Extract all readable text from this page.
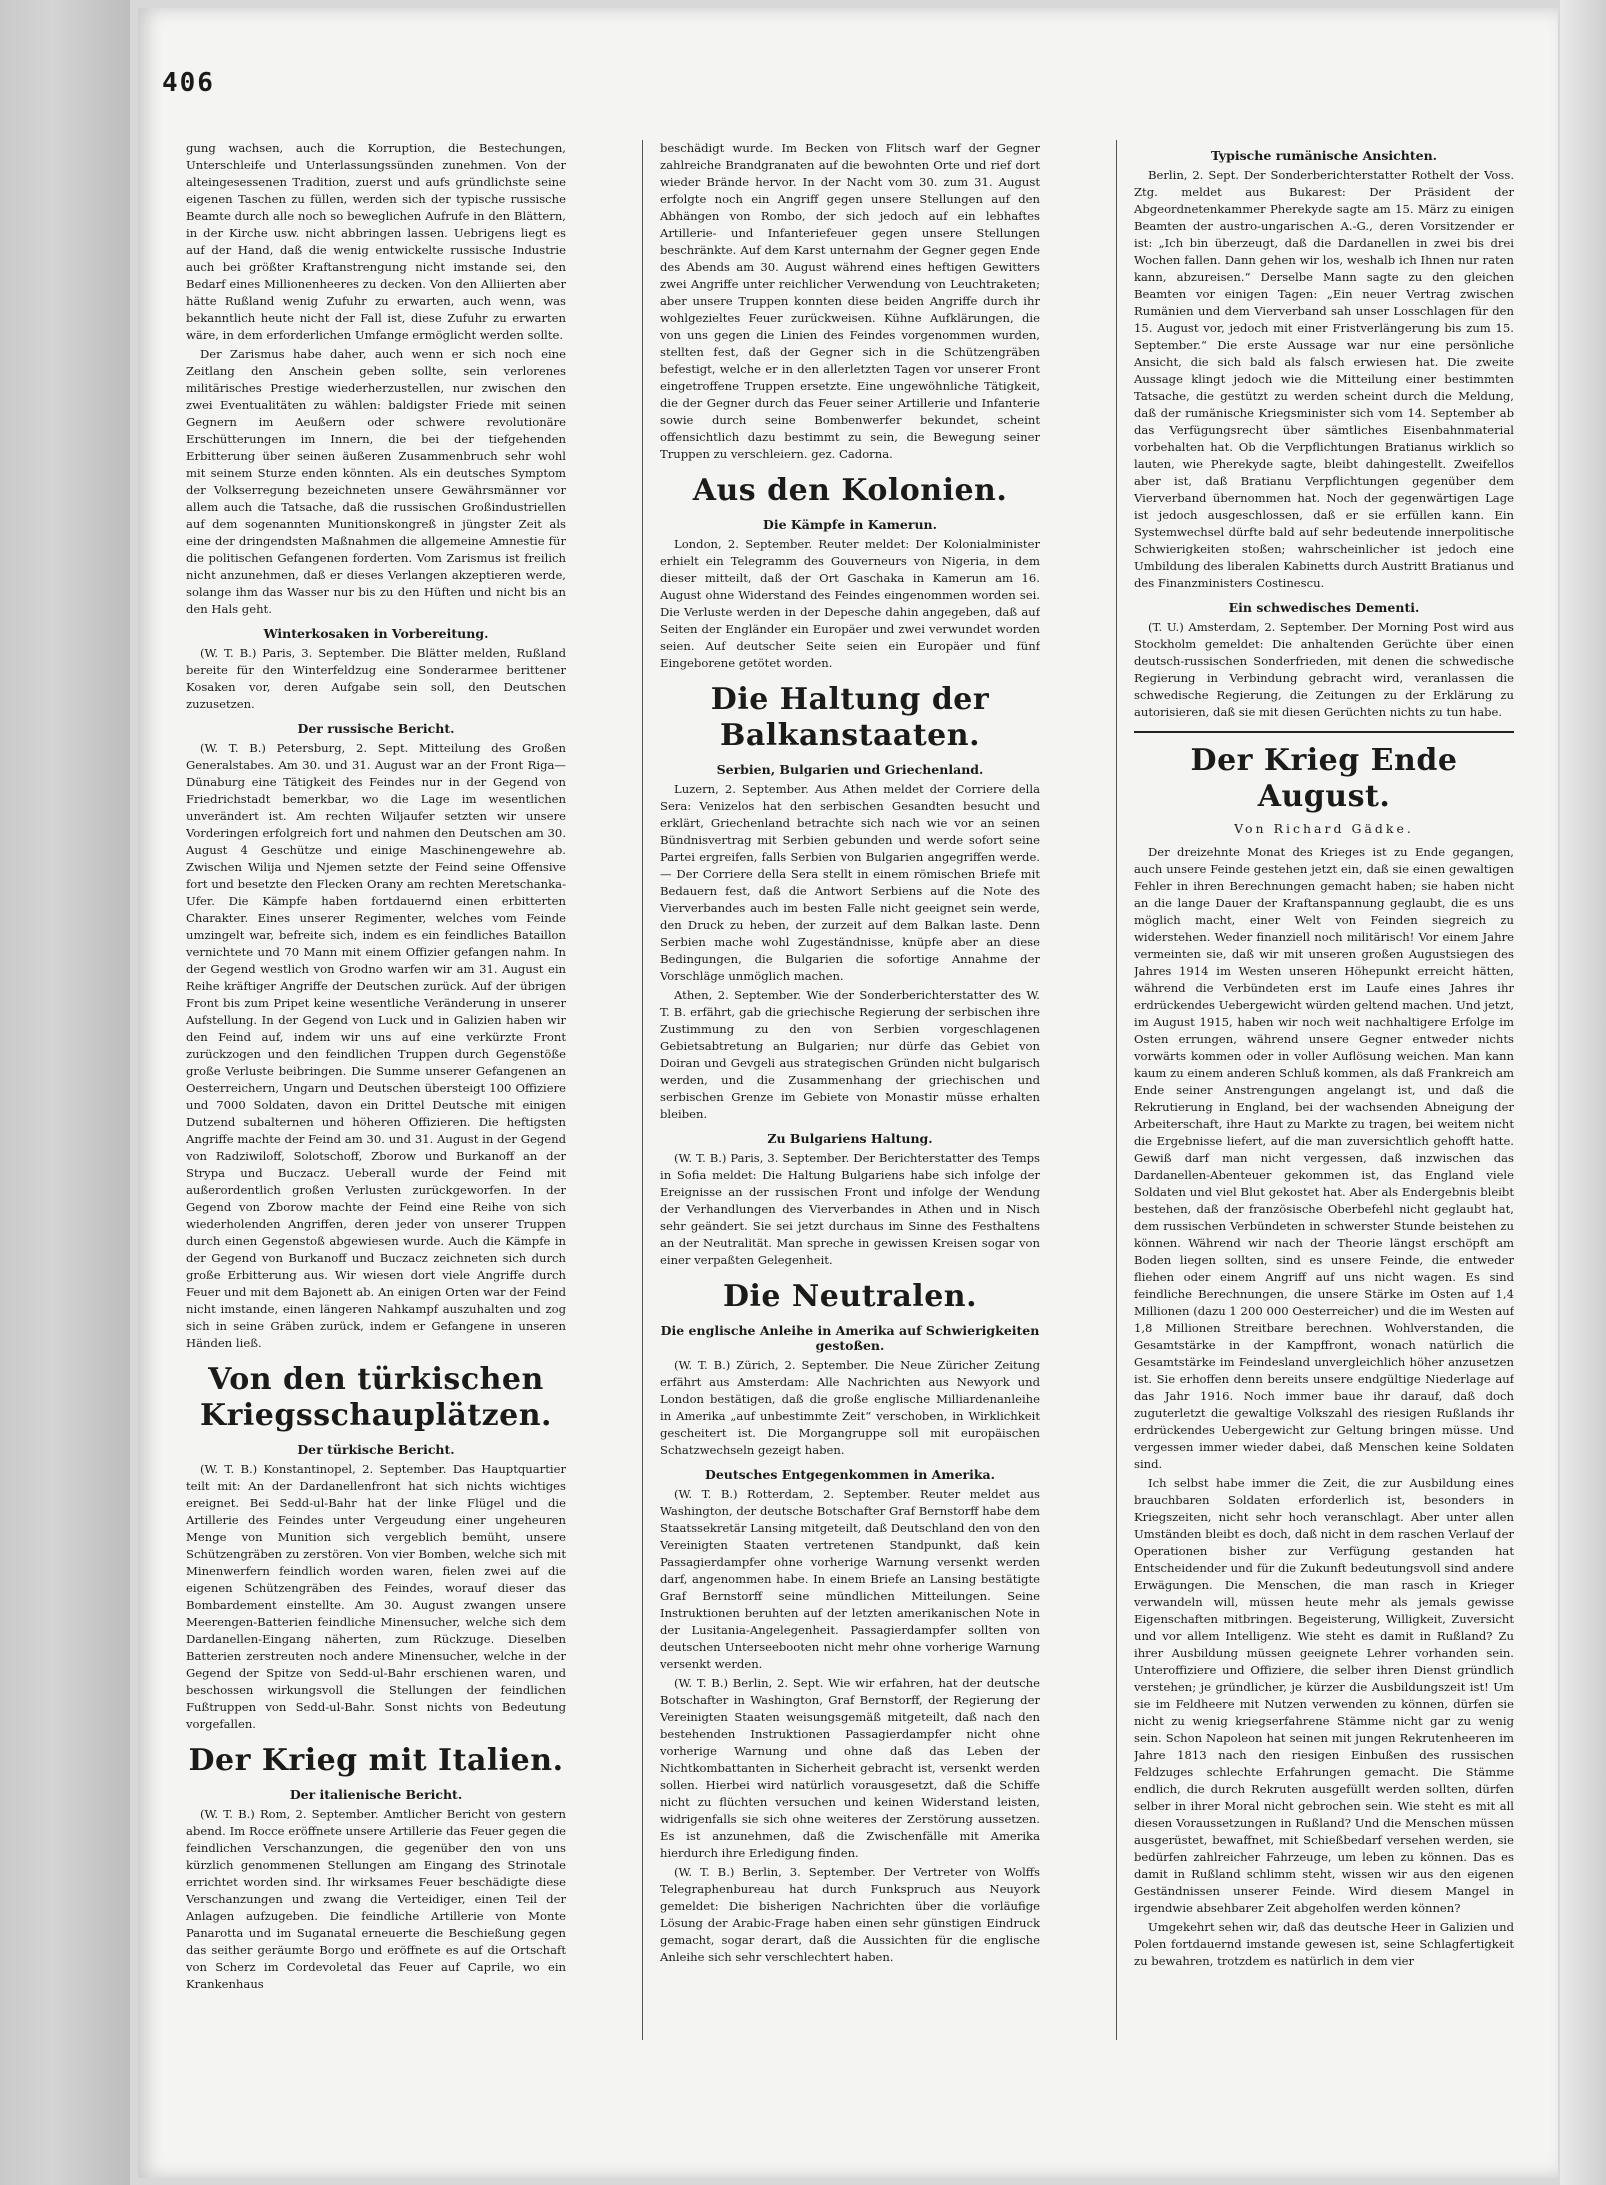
406

gung wachsen, auch die Korruption, die Bestechungen, Unterschleife und Unterlassungssünden zunehmen. Von der alteingesessenen Tradition, zuerst und aufs gründlichste seine eigenen Taschen zu füllen, werden sich der typische russische Beamte durch alle noch so beweglichen Aufrufe in den Blättern, in der Kirche usw. nicht abbringen lassen. Uebrigens liegt es auf der Hand, daß die wenig entwickelte russische Industrie auch bei größter Kraftanstrengung nicht imstande sei, den Bedarf eines Millionenheeres zu decken. Von den Alliierten aber hätte Rußland wenig Zufuhr zu erwarten, auch wenn, was bekanntlich heute nicht der Fall ist, diese Zufuhr zu erwarten wäre, in dem erforderlichen Umfange ermöglicht werden sollte.

Der Zarismus habe daher, auch wenn er sich noch eine Zeitlang den Anschein geben sollte, sein verlorenes militärisches Prestige wiederherzustellen, nur zwischen den zwei Eventualitäten zu wählen: baldigster Friede mit seinen Gegnern im Aeußern oder schwere revolutionäre Erschütterungen im Innern, die bei der tiefgehenden Erbitterung über seinen äußeren Zusammenbruch sehr wohl mit seinem Sturze enden könnten. Als ein deutsches Symptom der Volkserregung bezeichneten unsere Gewährsmänner vor allem auch die Tatsache, daß die russischen Großindustriellen auf dem sogenannten Munitionskongreß in jüngster Zeit als eine der dringendsten Maßnahmen die allgemeine Amnestie für die politischen Gefangenen forderten. Vom Zarismus ist freilich nicht anzunehmen, daß er dieses Verlangen akzeptieren werde, solange ihm das Wasser nur bis zu den Hüften und nicht bis an den Hals geht.

Winterkosaken in Vorbereitung.

(W. T. B.) Paris, 3. September. Die Blätter melden, Rußland bereite für den Winterfeldzug eine Sonderarmee berittener Kosaken vor, deren Aufgabe sein soll, den Deutschen zuzusetzen.

Der russische Bericht.

(W. T. B.) Petersburg, 2. Sept. Mitteilung des Großen Generalstabes. Am 30. und 31. August war an der Front Riga—Dünaburg eine Tätigkeit des Feindes nur in der Gegend von Friedrichstadt bemerkbar, wo die Lage im wesentlichen unverändert ist. Am rechten Wiljaufer setzten wir unsere Vorderingen erfolgreich fort und nahmen den Deutschen am 30. August 4 Geschütze und einige Maschinengewehre ab. Zwischen Wilija und Njemen setzte der Feind seine Offensive fort und besetzte den Flecken Orany am rechten Meretschanka-Ufer. Die Kämpfe haben fortdauernd einen erbitterten Charakter. Eines unserer Regimenter, welches vom Feinde umzingelt war, befreite sich, indem es ein feindliches Bataillon vernichtete und 70 Mann mit einem Offizier gefangen nahm. In der Gegend westlich von Grodno warfen wir am 31. August ein Reihe kräftiger Angriffe der Deutschen zurück. Auf der übrigen Front bis zum Pripet keine wesentliche Veränderung in unserer Aufstellung. In der Gegend von Luck und in Galizien haben wir den Feind auf, indem wir uns auf eine verkürzte Front zurückzogen und den feindlichen Truppen durch Gegenstöße große Verluste beibringen. Die Summe unserer Gefangenen an Oesterreichern, Ungarn und Deutschen übersteigt 100 Offiziere und 7000 Soldaten, davon ein Drittel Deutsche mit einigen Dutzend subalternen und höheren Offizieren. Die heftigsten Angriffe machte der Feind am 30. und 31. August in der Gegend von Radziwiloff, Solotschoff, Zborow und Burkanoff an der Strypa und Buczacz. Ueberall wurde der Feind mit außerordentlich großen Verlusten zurückgeworfen. In der Gegend von Zborow machte der Feind eine Reihe von sich wiederholenden Angriffen, deren jeder von unserer Truppen durch einen Gegenstoß abgewiesen wurde. Auch die Kämpfe in der Gegend von Burkanoff und Buczacz zeichneten sich durch große Erbitterung aus. Wir wiesen dort viele Angriffe durch Feuer und mit dem Bajonett ab. An einigen Orten war der Feind nicht imstande, einen längeren Nahkampf auszuhalten und zog sich in seine Gräben zurück, indem er Gefangene in unseren Händen ließ.

Von den türkischen Kriegsschauplätzen.
Der türkische Bericht.

(W. T. B.) Konstantinopel, 2. September. Das Hauptquartier teilt mit: An der Dardanellenfront hat sich nichts wichtiges ereignet. Bei Sedd-ul-Bahr hat der linke Flügel und die Artillerie des Feindes unter Vergeudung einer ungeheuren Menge von Munition sich vergeblich bemüht, unsere Schützengräben zu zerstören. Von vier Bomben, welche sich mit Minenwerfern feindlich worden waren, fielen zwei auf die eigenen Schützengräben des Feindes, worauf dieser das Bombardement einstellte. Am 30. August zwangen unsere Meerengen-Batterien feindliche Minensucher, welche sich dem Dardanellen-Eingang näherten, zum Rückzuge. Dieselben Batterien zerstreuten noch andere Minensucher, welche in der Gegend der Spitze von Sedd-ul-Bahr erschienen waren, und beschossen wirkungsvoll die Stellungen der feindlichen Fußtruppen von Sedd-ul-Bahr. Sonst nichts von Bedeutung vorgefallen.

Der Krieg mit Italien.
Der italienische Bericht.

(W. T. B.) Rom, 2. September. Amtlicher Bericht von gestern abend. Im Rocce eröffnete unsere Artillerie das Feuer gegen die feindlichen Verschanzungen, die gegenüber den von uns kürzlich genommenen Stellungen am Eingang des Strinotale errichtet worden sind. Ihr wirksames Feuer beschädigte diese Verschanzungen und zwang die Verteidiger, einen Teil der Anlagen aufzugeben. Die feindliche Artillerie von Monte Panarotta und im Suganatal erneuerte die Beschießung gegen das seither geräumte Borgo und eröffnete es auf die Ortschaft von Scherz im Cordevoletal das Feuer auf Caprile, wo ein Krankenhaus

beschädigt wurde. Im Becken von Flitsch warf der Gegner zahlreiche Brandgranaten auf die bewohnten Orte und rief dort wieder Brände hervor. In der Nacht vom 30. zum 31. August erfolgte noch ein Angriff gegen unsere Stellungen auf den Abhängen von Rombo, der sich jedoch auf ein lebhaftes Artillerie- und Infanteriefeuer gegen unsere Stellungen beschränkte. Auf dem Karst unternahm der Gegner gegen Ende des Abends am 30. August während eines heftigen Gewitters zwei Angriffe unter reichlicher Verwendung von Leuchtraketen; aber unsere Truppen konnten diese beiden Angriffe durch ihr wohlgezieltes Feuer zurückweisen. Kühne Aufklärungen, die von uns gegen die Linien des Feindes vorgenommen wurden, stellten fest, daß der Gegner sich in die Schützengräben befestigt, welche er in den allerletzten Tagen vor unserer Front eingetroffene Truppen ersetzte. Eine ungewöhnliche Tätigkeit, die der Gegner durch das Feuer seiner Artillerie und Infanterie sowie durch seine Bombenwerfer bekundet, scheint offensichtlich dazu bestimmt zu sein, die Bewegung seiner Truppen zu verschleiern. gez. Cadorna.

Aus den Kolonien.
Die Kämpfe in Kamerun.

London, 2. September. Reuter meldet: Der Kolonialminister erhielt ein Telegramm des Gouverneurs von Nigeria, in dem dieser mitteilt, daß der Ort Gaschaka in Kamerun am 16. August ohne Widerstand des Feindes eingenommen worden sei. Die Verluste werden in der Depesche dahin angegeben, daß auf Seiten der Engländer ein Europäer und zwei verwundet worden seien. Auf deutscher Seite seien ein Europäer und fünf Eingeborene getötet worden.

Die Haltung der Balkanstaaten.
Serbien, Bulgarien und Griechenland.

Luzern, 2. September. Aus Athen meldet der Corriere della Sera: Venizelos hat den serbischen Gesandten besucht und erklärt, Griechenland betrachte sich nach wie vor an seinen Bündnisvertrag mit Serbien gebunden und werde sofort seine Partei ergreifen, falls Serbien von Bulgarien angegriffen werde. — Der Corriere della Sera stellt in einem römischen Briefe mit Bedauern fest, daß die Antwort Serbiens auf die Note des Vierverbandes auch im besten Falle nicht geeignet sein werde, den Druck zu heben, der zurzeit auf dem Balkan laste. Denn Serbien mache wohl Zugeständnisse, knüpfe aber an diese Bedingungen, die Bulgarien die sofortige Annahme der Vorschläge unmöglich machen.

Athen, 2. September. Wie der Sonderberichterstatter des W. T. B. erfährt, gab die griechische Regierung der serbischen ihre Zustimmung zu den von Serbien vorgeschlagenen Gebietsabtretung an Bulgarien; nur dürfe das Gebiet von Doiran und Gevgeli aus strategischen Gründen nicht bulgarisch werden, und die Zusammenhang der griechischen und serbischen Grenze im Gebiete von Monastir müsse erhalten bleiben.

Zu Bulgariens Haltung.

(W. T. B.) Paris, 3. September. Der Berichterstatter des Temps in Sofia meldet: Die Haltung Bulgariens habe sich infolge der Ereignisse an der russischen Front und infolge der Wendung der Verhandlungen des Vierverbandes in Athen und in Nisch sehr geändert. Sie sei jetzt durchaus im Sinne des Festhaltens an der Neutralität. Man spreche in gewissen Kreisen sogar von einer verpaßten Gelegenheit.

Die Neutralen.
Die englische Anleihe in Amerika auf Schwierigkeiten gestoßen.

(W. T. B.) Zürich, 2. September. Die Neue Züricher Zeitung erfährt aus Amsterdam: Alle Nachrichten aus Newyork und London bestätigen, daß die große englische Milliardenanleihe in Amerika „auf unbestimmte Zeit“ verschoben, in Wirklichkeit gescheitert ist. Die Morgangruppe soll mit europäischen Schatzwechseln gezeigt haben.

Deutsches Entgegenkommen in Amerika.

(W. T. B.) Rotterdam, 2. September. Reuter meldet aus Washington, der deutsche Botschafter Graf Bernstorff habe dem Staatssekretär Lansing mitgeteilt, daß Deutschland den von den Vereinigten Staaten vertretenen Standpunkt, daß kein Passagierdampfer ohne vorherige Warnung versenkt werden darf, angenommen habe. In einem Briefe an Lansing bestätigte Graf Bernstorff seine mündlichen Mitteilungen. Seine Instruktionen beruhten auf der letzten amerikanischen Note in der Lusitania-Angelegenheit. Passagierdampfer sollten von deutschen Unterseebooten nicht mehr ohne vorherige Warnung versenkt werden.

(W. T. B.) Berlin, 2. Sept. Wie wir erfahren, hat der deutsche Botschafter in Washington, Graf Bernstorff, der Regierung der Vereinigten Staaten weisungsgemäß mitgeteilt, daß nach den bestehenden Instruktionen Passagierdampfer nicht ohne vorherige Warnung und ohne daß das Leben der Nichtkombattanten in Sicherheit gebracht ist, versenkt werden sollen. Hierbei wird natürlich vorausgesetzt, daß die Schiffe nicht zu flüchten versuchen und keinen Widerstand leisten, widrigenfalls sie sich ohne weiteres der Zerstörung aussetzen. Es ist anzunehmen, daß die Zwischenfälle mit Amerika hierdurch ihre Erledigung finden.

(W. T. B.) Berlin, 3. September. Der Vertreter von Wolffs Telegraphenbureau hat durch Funkspruch aus Neuyork gemeldet: Die bisherigen Nachrichten über die vorläufige Lösung der Arabic-Frage haben einen sehr günstigen Eindruck gemacht, sogar derart, daß die Aussichten für die englische Anleihe sich sehr verschlechtert haben.

Typische rumänische Ansichten.

Berlin, 2. Sept. Der Sonderberichterstatter Rothelt der Voss. Ztg. meldet aus Bukarest: Der Präsident der Abgeordnetenkammer Pherekyde sagte am 15. März zu einigen Beamten der austro-ungarischen A.-G., deren Vorsitzender er ist: „Ich bin überzeugt, daß die Dardanellen in zwei bis drei Wochen fallen. Dann gehen wir los, weshalb ich Ihnen nur raten kann, abzureisen.“ Derselbe Mann sagte zu den gleichen Beamten vor einigen Tagen: „Ein neuer Vertrag zwischen Rumänien und dem Vierverband sah unser Losschlagen für den 15. August vor, jedoch mit einer Fristverlängerung bis zum 15. September.“ Die erste Aussage war nur eine persönliche Ansicht, die sich bald als falsch erwiesen hat. Die zweite Aussage klingt jedoch wie die Mitteilung einer bestimmten Tatsache, die gestützt zu werden scheint durch die Meldung, daß der rumänische Kriegsminister sich vom 14. September ab das Verfügungsrecht über sämtliches Eisenbahnmaterial vorbehalten hat. Ob die Verpflichtungen Bratianus wirklich so lauten, wie Pherekyde sagte, bleibt dahingestellt. Zweifellos aber ist, daß Bratianu Verpflichtungen gegenüber dem Vierverband übernommen hat. Noch der gegenwärtigen Lage ist jedoch ausgeschlossen, daß er sie erfüllen kann. Ein Systemwechsel dürfte bald auf sehr bedeutende innerpolitische Schwierigkeiten stoßen; wahrscheinlicher ist jedoch eine Umbildung des liberalen Kabinetts durch Austritt Bratianus und des Finanzministers Costinescu.

Ein schwedisches Dementi.

(T. U.) Amsterdam, 2. September. Der Morning Post wird aus Stockholm gemeldet: Die anhaltenden Gerüchte über einen deutsch-russischen Sonderfrieden, mit denen die schwedische Regierung in Verbindung gebracht wird, veranlassen die schwedische Regierung, die Zeitungen zu der Erklärung zu autorisieren, daß sie mit diesen Gerüchten nichts zu tun habe.

Der Krieg Ende August.
Von Richard Gädke.

Der dreizehnte Monat des Krieges ist zu Ende gegangen, auch unsere Feinde gestehen jetzt ein, daß sie einen gewaltigen Fehler in ihren Berechnungen gemacht haben; sie haben nicht an die lange Dauer der Kraftanspannung geglaubt, die es uns möglich macht, einer Welt von Feinden siegreich zu widerstehen. Weder finanziell noch militärisch! Vor einem Jahre vermeinten sie, daß wir mit unseren großen Augustsiegen des Jahres 1914 im Westen unseren Höhepunkt erreicht hätten, während die Verbündeten erst im Laufe eines Jahres ihr erdrückendes Uebergewicht würden geltend machen. Und jetzt, im August 1915, haben wir noch weit nachhaltigere Erfolge im Osten errungen, während unsere Gegner entweder nichts vorwärts kommen oder in voller Auflösung weichen. Man kann kaum zu einem anderen Schluß kommen, als daß Frankreich am Ende seiner Anstrengungen angelangt ist, und daß die Rekrutierung in England, bei der wachsenden Abneigung der Arbeiterschaft, ihre Haut zu Markte zu tragen, bei weitem nicht die Ergebnisse liefert, auf die man zuversichtlich gehofft hatte. Gewiß darf man nicht vergessen, daß inzwischen das Dardanellen-Abenteuer gekommen ist, das England viele Soldaten und viel Blut gekostet hat. Aber als Endergebnis bleibt bestehen, daß der französische Oberbefehl nicht geglaubt hat, dem russischen Verbündeten in schwerster Stunde beistehen zu können. Während wir nach der Theorie längst erschöpft am Boden liegen sollten, sind es unsere Feinde, die entweder fliehen oder einem Angriff auf uns nicht wagen. Es sind feindliche Berechnungen, die unsere Stärke im Osten auf 1,4 Millionen (dazu 1 200 000 Oesterreicher) und die im Westen auf 1,8 Millionen Streitbare berechnen. Wohlverstanden, die Gesamtstärke in der Kampffront, wonach natürlich die Gesamtstärke im Feindesland unvergleichlich höher anzusetzen ist. Sie erhoffen denn bereits unsere endgültige Niederlage auf das Jahr 1916. Noch immer baue ihr darauf, daß doch zuguterletzt die gewaltige Volkszahl des riesigen Rußlands ihr erdrückendes Uebergewicht zur Geltung bringen müsse. Und vergessen immer wieder dabei, daß Menschen keine Soldaten sind.

Ich selbst habe immer die Zeit, die zur Ausbildung eines brauchbaren Soldaten erforderlich ist, besonders in Kriegszeiten, nicht sehr hoch veranschlagt. Aber unter allen Umständen bleibt es doch, daß nicht in dem raschen Verlauf der Operationen bisher zur Verfügung gestanden hat Entscheidender und für die Zukunft bedeutungsvoll sind andere Erwägungen. Die Menschen, die man rasch in Krieger verwandeln will, müssen heute mehr als jemals gewisse Eigenschaften mitbringen. Begeisterung, Willigkeit, Zuversicht und vor allem Intelligenz. Wie steht es damit in Rußland? Zu ihrer Ausbildung müssen geeignete Lehrer vorhanden sein. Unteroffiziere und Offiziere, die selber ihren Dienst gründlich verstehen; je gründlicher, je kürzer die Ausbildungszeit ist! Um sie im Feldheere mit Nutzen verwenden zu können, dürfen sie nicht zu wenig kriegserfahrene Stämme nicht gar zu wenig sein. Schon Napoleon hat seinen mit jungen Rekrutenheeren im Jahre 1813 nach den riesigen Einbußen des russischen Feldzuges schlechte Erfahrungen gemacht. Die Stämme endlich, die durch Rekruten ausgefüllt werden sollten, dürfen selber in ihrer Moral nicht gebrochen sein. Wie steht es mit all diesen Voraussetzungen in Rußland? Und die Menschen müssen ausgerüstet, bewaffnet, mit Schießbedarf versehen werden, sie bedürfen zahlreicher Fahrzeuge, um leben zu können. Das es damit in Rußland schlimm steht, wissen wir aus den eigenen Geständnissen unserer Feinde. Wird diesem Mangel in irgendwie absehbarer Zeit abgeholfen werden können?

Umgekehrt sehen wir, daß das deutsche Heer in Galizien und Polen fortdauernd imstande gewesen ist, seine Schlagfertigkeit zu bewahren, trotzdem es natürlich in dem vier
